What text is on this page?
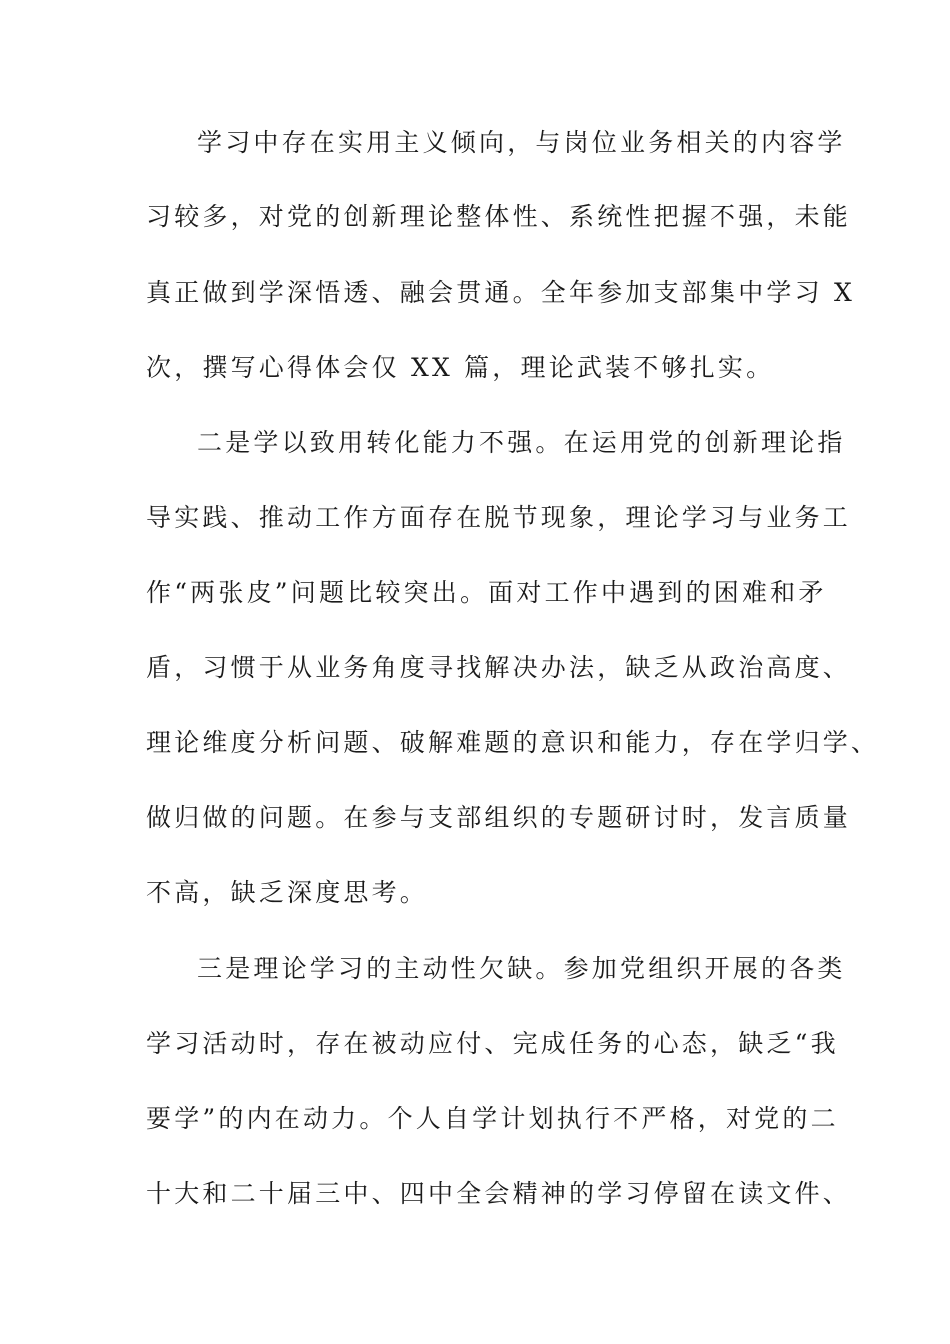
学习中存在实用主义倾向，与岗位业务相关的内容学
习较多，对党的创新理论整体性、系统性把握不强，未能
真正做到学深悟透、融会贯通。全年参加支部集中学习 X
次，撰写心得体会仅 XX 篇，理论武装不够扎实。
二是学以致用转化能力不强。在运用党的创新理论指
导实践、推动工作方面存在脱节现象，理论学习与业务工
作“两张皮”问题比较突出。面对工作中遇到的困难和矛
盾，习惯于从业务角度寻找解决办法，缺乏从政治高度、
理论维度分析问题、破解难题的意识和能力，存在学归学、
做归做的问题。在参与支部组织的专题研讨时，发言质量
不高，缺乏深度思考。
三是理论学习的主动性欠缺。参加党组织开展的各类
学习活动时，存在被动应付、完成任务的心态，缺乏“我
要学”的内在动力。个人自学计划执行不严格，对党的二
十大和二十届三中、四中全会精神的学习停留在读文件、
